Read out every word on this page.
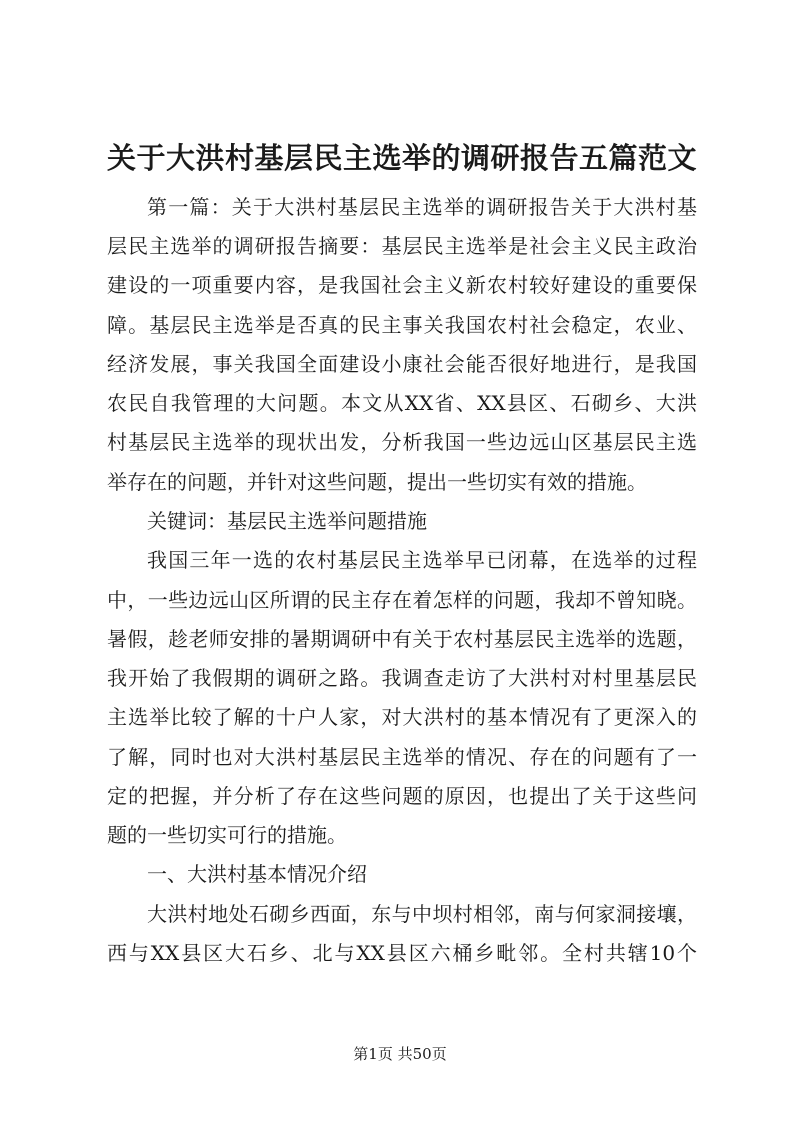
关于大洪村基层民主选举的调研报告五篇范文
第一篇：关于大洪村基层民主选举的调研报告关于大洪村基
层民主选举的调研报告摘要：基层民主选举是社会主义民主政治
建设的一项重要内容，是我国社会主义新农村较好建设的重要保
障。基层民主选举是否真的民主事关我国农村社会稳定，农业、
经济发展，事关我国全面建设小康社会能否很好地进行，是我国
农民自我管理的大问题。本文从XX省、XX县区、石砌乡、大洪
村基层民主选举的现状出发，分析我国一些边远山区基层民主选
举存在的问题，并针对这些问题，提出一些切实有效的措施。
关键词：基层民主选举问题措施
我国三年一选的农村基层民主选举早已闭幕，在选举的过程
中，一些边远山区所谓的民主存在着怎样的问题，我却不曾知晓。
暑假，趁老师安排的暑期调研中有关于农村基层民主选举的选题，
我开始了我假期的调研之路。我调查走访了大洪村对村里基层民
主选举比较了解的十户人家，对大洪村的基本情况有了更深入的
了解，同时也对大洪村基层民主选举的情况、存在的问题有了一
定的把握，并分析了存在这些问题的原因，也提出了关于这些问
题的一些切实可行的措施。
一、大洪村基本情况介绍
大洪村地处石砌乡西面，东与中坝村相邻，南与何家洞接壤，
西与XX县区大石乡、北与XX县区六桶乡毗邻。全村共辖10个
第1页 共50页
